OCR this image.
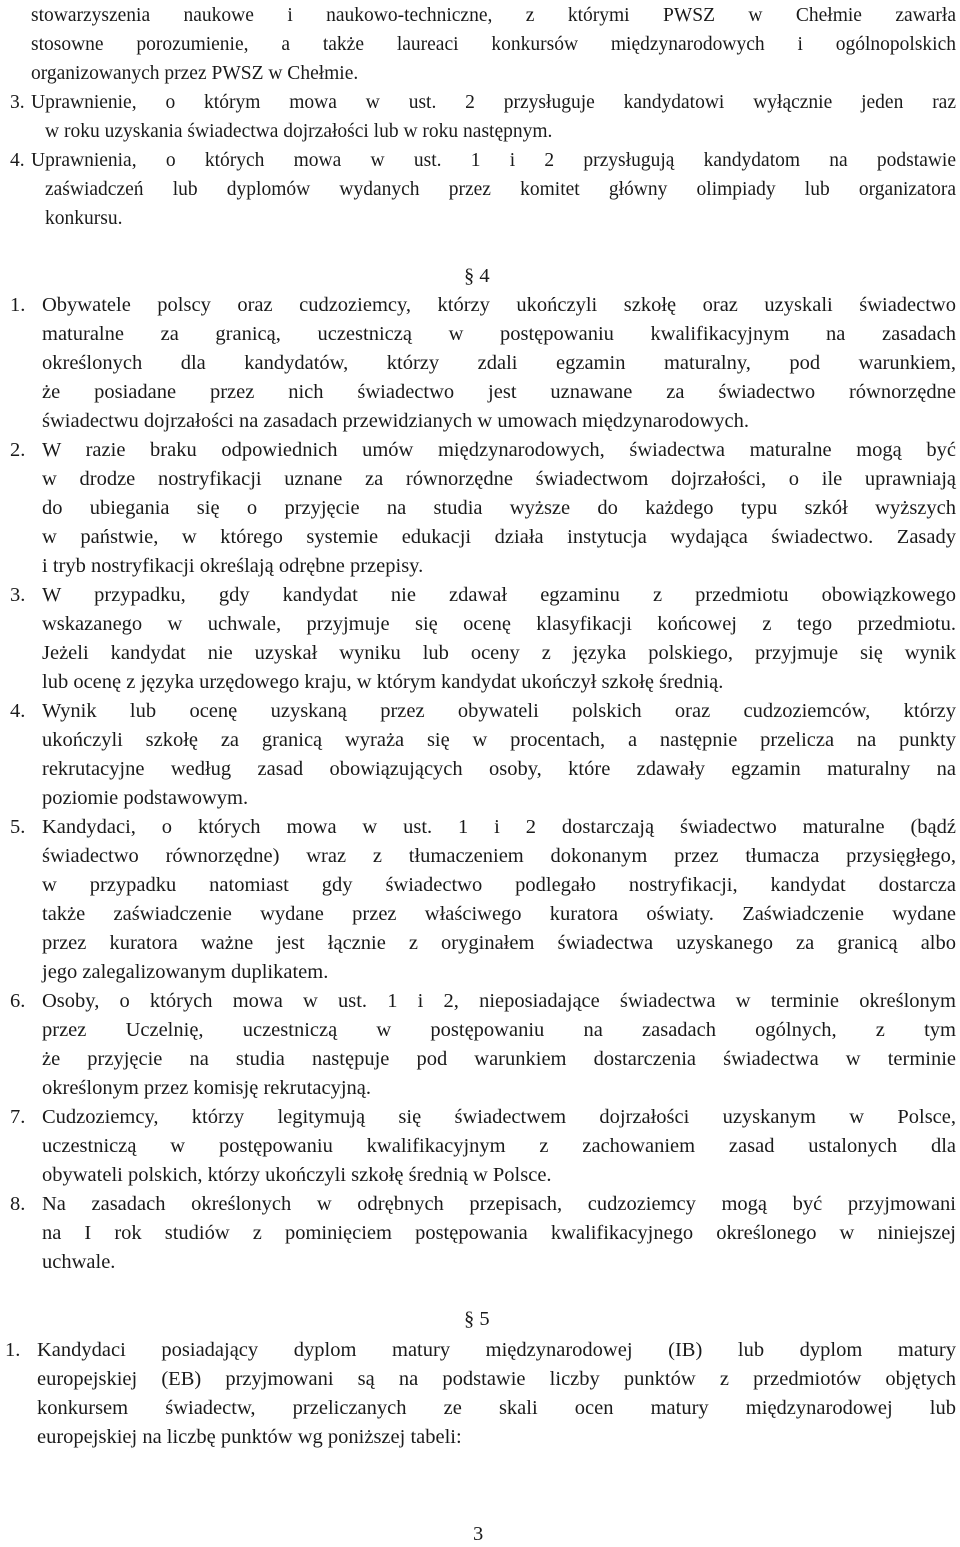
stowarzyszenia naukowe i naukowo-techniczne, z którymi PWSZ w Chełmie zawarła
stosowne porozumienie, a także laureaci konkursów międzynarodowych i ogólnopolskich
organizowanych przez PWSZ w Chełmie.
3. Uprawnienie, o którym mowa w ust. 2 przysługuje kandydatowi wyłącznie jeden raz
w roku uzyskania świadectwa dojrzałości lub w roku następnym.
4. Uprawnienia, o których mowa w ust. 1 i 2 przysługują kandydatom na podstawie
zaświadczeń lub dyplomów wydanych przez komitet główny olimpiady lub organizatora
konkursu.
§ 4
1. Obywatele polscy oraz cudzoziemcy, którzy ukończyli szkołę oraz uzyskali świadectwo
maturalne za granicą, uczestniczą w postępowaniu kwalifikacyjnym na zasadach
określonych dla kandydatów, którzy zdali egzamin maturalny, pod warunkiem,
że posiadane przez nich świadectwo jest uznawane za świadectwo równorzędne
świadectwu dojrzałości na zasadach przewidzianych w umowach międzynarodowych.
2. W razie braku odpowiednich umów międzynarodowych, świadectwa maturalne mogą być
w drodze nostryfikacji uznane za równorzędne świadectwom dojrzałości, o ile uprawniają
do ubiegania się o przyjęcie na studia wyższe do każdego typu szkół wyższych
w państwie, w którego systemie edukacji działa instytucja wydająca świadectwo. Zasady
i tryb nostryfikacji określają odrębne przepisy.
3. W przypadku, gdy kandydat nie zdawał egzaminu z przedmiotu obowiązkowego
wskazanego w uchwale, przyjmuje się ocenę klasyfikacji końcowej z tego przedmiotu.
Jeżeli kandydat nie uzyskał wyniku lub oceny z języka polskiego, przyjmuje się wynik
lub ocenę z języka urzędowego kraju, w którym kandydat ukończył szkołę średnią.
4. Wynik lub ocenę uzyskaną przez obywateli polskich oraz cudzoziemców, którzy
ukończyli szkołę za granicą wyraża się w procentach, a następnie przelicza na punkty
rekrutacyjne według zasad obowiązujących osoby, które zdawały egzamin maturalny na
poziomie podstawowym.
5. Kandydaci, o których mowa w ust. 1 i 2 dostarczają świadectwo maturalne (bądź
świadectwo równorzędne) wraz z tłumaczeniem dokonanym przez tłumacza przysięgłego,
w przypadku natomiast gdy świadectwo podlegało nostryfikacji, kandydat dostarcza
także zaświadczenie wydane przez właściwego kuratora oświaty. Zaświadczenie wydane
przez kuratora ważne jest łącznie z oryginałem świadectwa uzyskanego za granicą albo
jego zalegalizowanym duplikatem.
6. Osoby, o których mowa w ust. 1 i 2, nieposiadające świadectwa w terminie określonym
przez Uczelnię, uczestniczą w postępowaniu na zasadach ogólnych, z tym
że przyjęcie na studia następuje pod warunkiem dostarczenia świadectwa w terminie
określonym przez komisję rekrutacyjną.
7. Cudzoziemcy, którzy legitymują się świadectwem dojrzałości uzyskanym w Polsce,
uczestniczą w postępowaniu kwalifikacyjnym z zachowaniem zasad ustalonych dla
obywateli polskich, którzy ukończyli szkołę średnią w Polsce.
8. Na zasadach określonych w odrębnych przepisach, cudzoziemcy mogą być przyjmowani
na I rok studiów z pominięciem postępowania kwalifikacyjnego określonego w niniejszej
uchwale.
§ 5
1. Kandydaci posiadający dyplom matury międzynarodowej (IB) lub dyplom matury
europejskiej (EB) przyjmowani są na podstawie liczby punktów z przedmiotów objętych
konkursem świadectw, przeliczanych ze skali ocen matury międzynarodowej lub
europejskiej na liczbę punktów wg poniższej tabeli:
3
